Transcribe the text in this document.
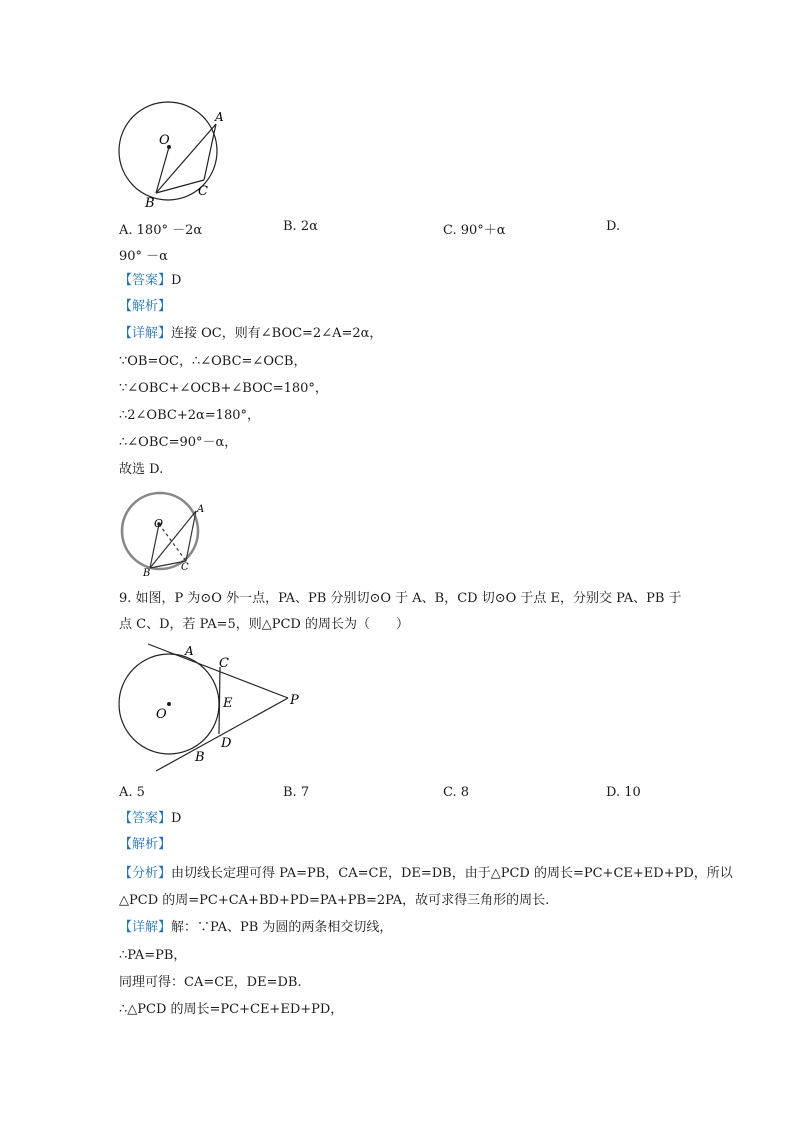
O
A
B
C
A. 180° －2α	B. 2α	C. 90°＋α	D.
90° －α
【答案】D
【解析】
【详解】连接 OC，则有∠BOC=2∠A=2α，
∵OB=OC，∴∠OBC=∠OCB，
∵∠OBC+∠OCB+∠BOC=180°，
∴2∠OBC+2α=180°，
∴∠OBC=90°－α，
故选 D.
O
A
B
C
9. 如图，P 为⊙O 外一点，PA、PB 分别切⊙O 于 A、B，CD 切⊙O 于点 E，分别交 PA、PB 于
点 C、D，若 PA=5，则△PCD 的周长为（　　）
A
C
E
D
B
O
P
A. 5	B. 7	C. 8	D. 10
【答案】D
【解析】
【分析】由切线长定理可得 PA=PB，CA=CE，DE=DB，由于△PCD 的周长=PC+CE+ED+PD，所以
△PCD 的周=PC+CA+BD+PD=PA+PB=2PA，故可求得三角形的周长.
【详解】解：∵PA、PB 为圆的两条相交切线，
∴PA=PB，
同理可得：CA=CE，DE=DB.
∴△PCD 的周长=PC+CE+ED+PD，
